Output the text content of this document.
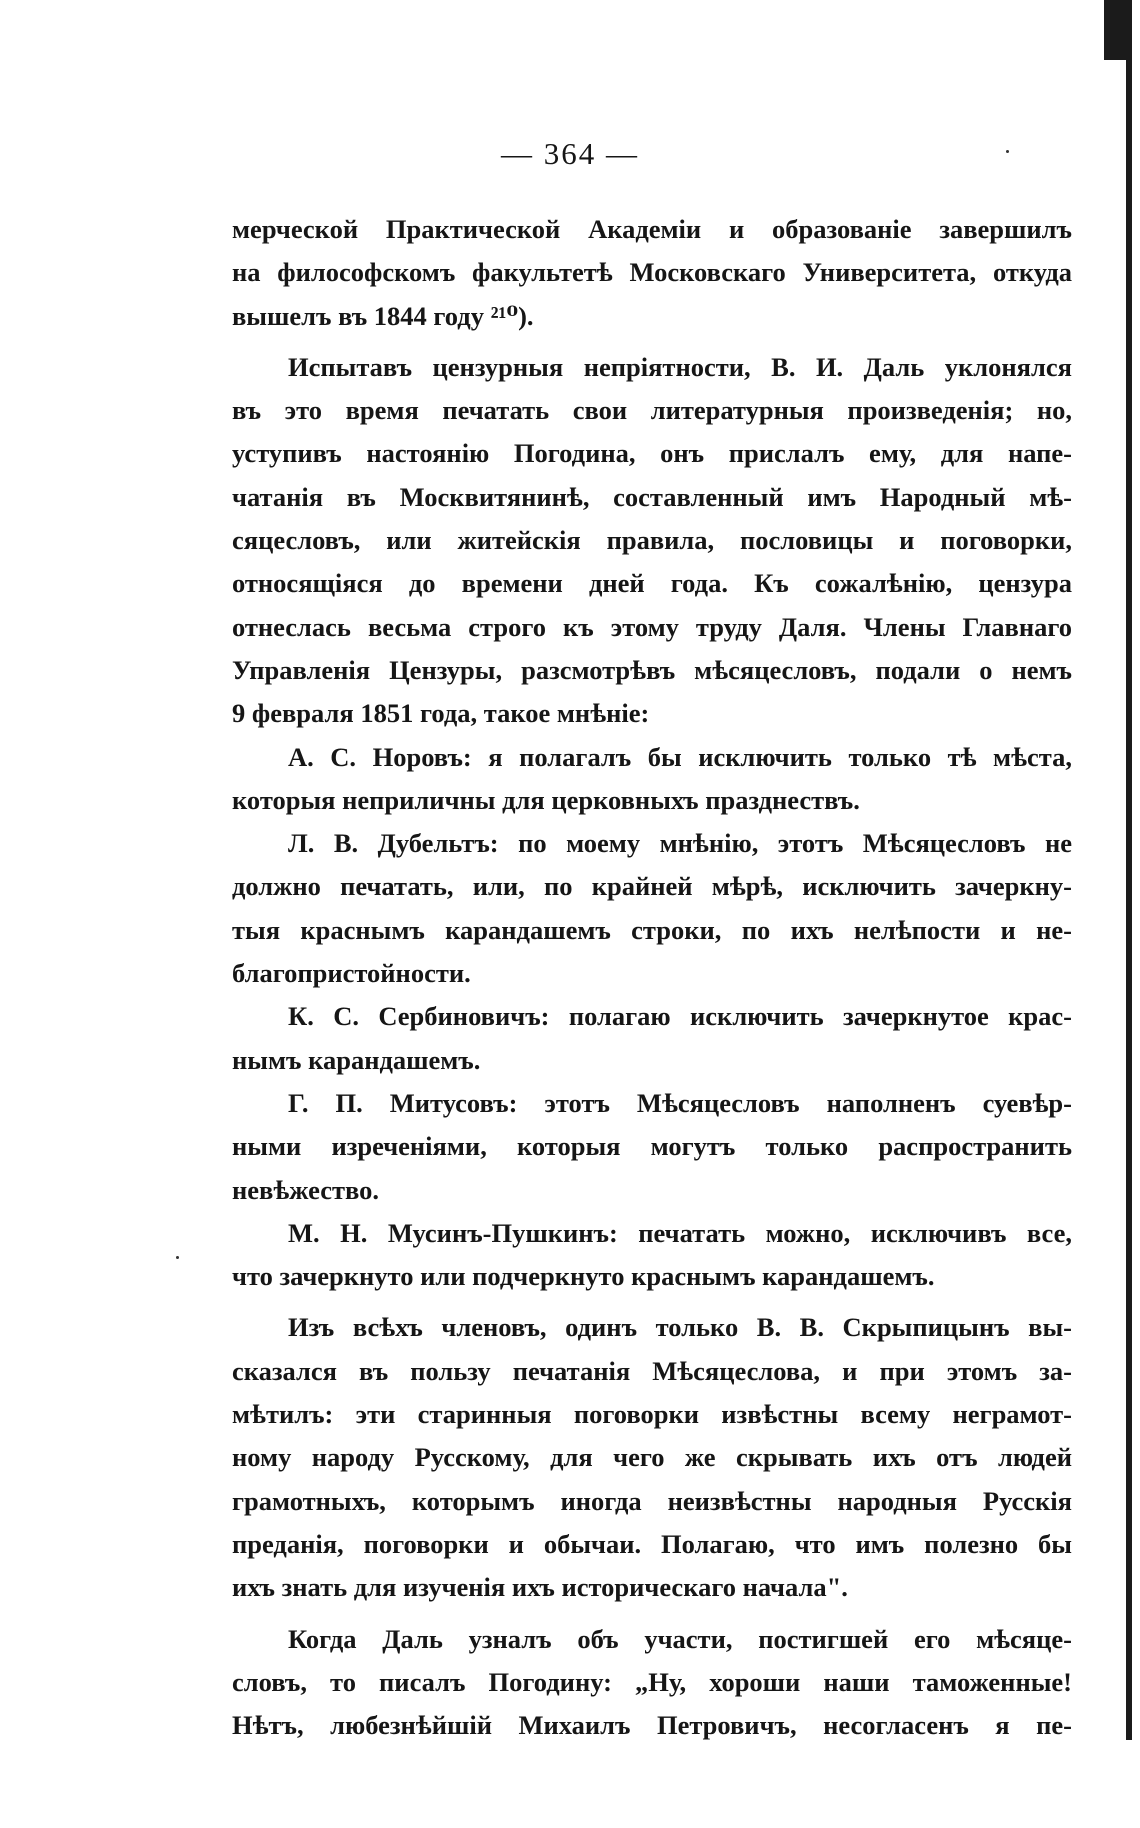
— 364 —
мерческой Практической Академіи и образованіе завершилъ
на философскомъ факультетѣ Московскаго Университета, откуда
вышелъ въ 1844 году ²¹⁰).
Испытавъ цензурныя непріятности, В. И. Даль уклонялся
въ это время печатать свои литературныя произведенія; но,
уступивъ настоянію Погодина, онъ прислалъ ему, для напе-
чатанія въ Москвитянинѣ, составленный имъ Народный мѣ-
сяцесловъ, или житейскія правила, пословицы и поговорки,
относящіяся до времени дней года. Къ сожалѣнію, цензура
отнеслась весьма строго къ этому труду Даля. Члены Главнаго
Управленія Цензуры, разсмотрѣвъ мѣсяцесловъ, подали о немъ
9 февраля 1851 года, такое мнѣніе:
А. С. Норовъ: я полагалъ бы исключить только тѣ мѣста,
которыя неприличны для церковныхъ празднествъ.
Л. В. Дубельтъ: по моему мнѣнію, этотъ Мѣсяцесловъ не
должно печатать, или, по крайней мѣрѣ, исключить зачеркну-
тыя краснымъ карандашемъ строки, по ихъ нелѣпости и не-
благопристойности.
К. С. Сербиновичъ: полагаю исключить зачеркнутое крас-
нымъ карандашемъ.
Г. П. Митусовъ: этотъ Мѣсяцесловъ наполненъ суевѣр-
ными изреченіями, которыя могутъ только распространить
невѣжество.
М. Н. Мусинъ-Пушкинъ: печатать можно, исключивъ все,
что зачеркнуто или подчеркнуто краснымъ карандашемъ.
Изъ всѣхъ членовъ, одинъ только В. В. Скрыпицынъ вы-
сказался въ пользу печатанія Мѣсяцеслова, и при этомъ за-
мѣтилъ: эти старинныя поговорки извѣстны всему неграмот-
ному народу Русскому, для чего же скрывать ихъ отъ людей
грамотныхъ, которымъ иногда неизвѣстны народныя Русскія
преданія, поговорки и обычаи. Полагаю, что имъ полезно бы
ихъ знать для изученія ихъ историческаго начала".
Когда Даль узналъ объ участи, постигшей его мѣсяце-
словъ, то писалъ Погодину: „Ну, хороши наши таможенные!
Нѣтъ, любезнѣйшій Михаилъ Петровичъ, несогласенъ я пе-
